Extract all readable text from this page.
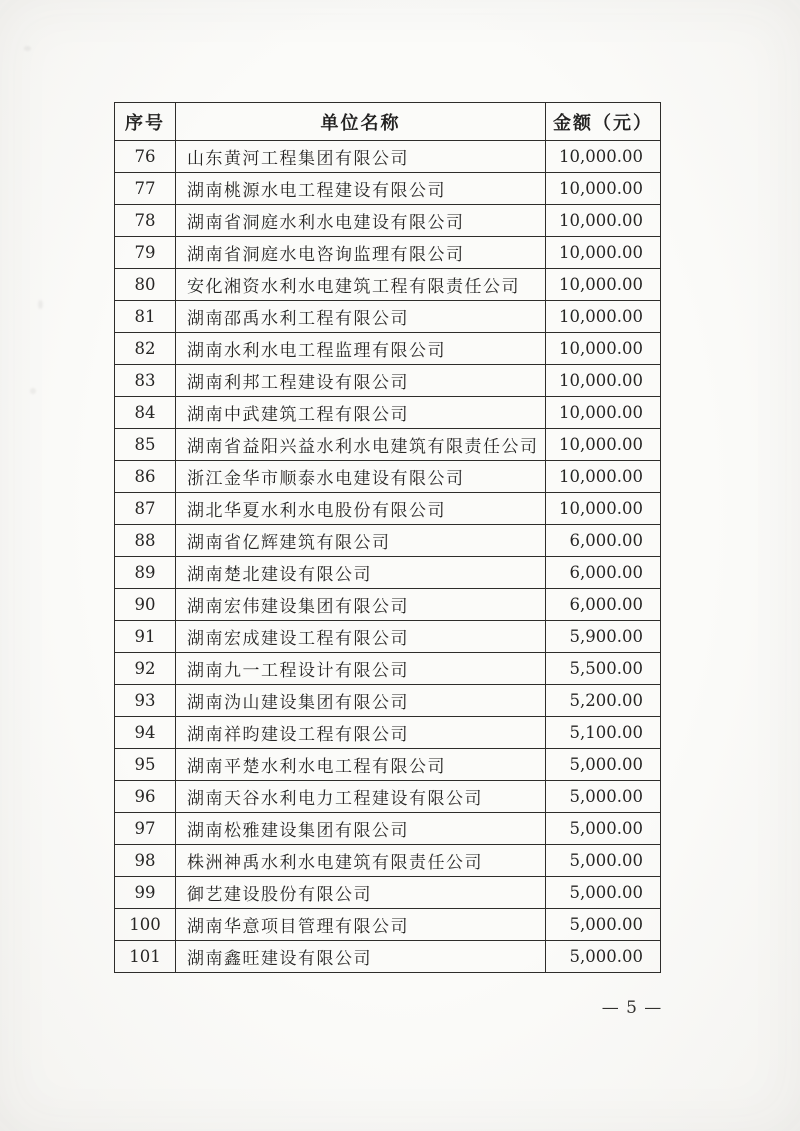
序号	单位名称	金额（元）
76	山东黄河工程集团有限公司	10,000.00
77	湖南桃源水电工程建设有限公司	10,000.00
78	湖南省洞庭水利水电建设有限公司	10,000.00
79	湖南省洞庭水电咨询监理有限公司	10,000.00
80	安化湘资水利水电建筑工程有限责任公司	10,000.00
81	湖南邵禹水利工程有限公司	10,000.00
82	湖南水利水电工程监理有限公司	10,000.00
83	湖南利邦工程建设有限公司	10,000.00
84	湖南中武建筑工程有限公司	10,000.00
85	湖南省益阳兴益水利水电建筑有限责任公司	10,000.00
86	浙江金华市顺泰水电建设有限公司	10,000.00
87	湖北华夏水利水电股份有限公司	10,000.00
88	湖南省亿辉建筑有限公司	6,000.00
89	湖南楚北建设有限公司	6,000.00
90	湖南宏伟建设集团有限公司	6,000.00
91	湖南宏成建设工程有限公司	5,900.00
92	湖南九一工程设计有限公司	5,500.00
93	湖南沩山建设集团有限公司	5,200.00
94	湖南祥昀建设工程有限公司	5,100.00
95	湖南平楚水利水电工程有限公司	5,000.00
96	湖南天谷水利电力工程建设有限公司	5,000.00
97	湖南松雅建设集团有限公司	5,000.00
98	株洲神禹水利水电建筑有限责任公司	5,000.00
99	御艺建设股份有限公司	5,000.00
100	湖南华意项目管理有限公司	5,000.00
101	湖南鑫旺建设有限公司	5,000.00
— 5 —
